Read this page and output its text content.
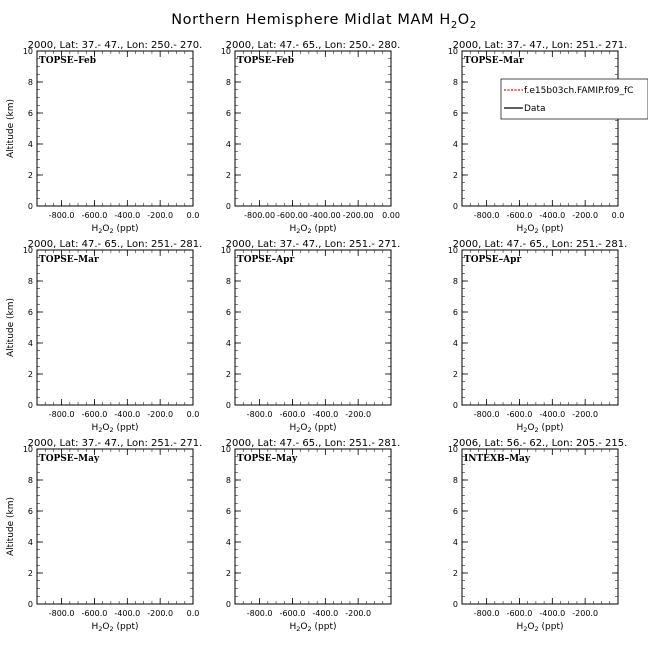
Northern Hemisphere Midlat MAM $H_2O_2$
2000, Lat: 37.- 47., Lon: 250.- 270.
TOPSE–Feb
0
2
4
6
8
10
-800.0 -600.0 -400.0 -200.0 0.0
$H_2O_2$ (ppt)
Altitude (km)
2000, Lat: 47.- 65., Lon: 250.- 280.
TOPSE–Feb
0
2
4
6
8
10
-800.00 -600.00 -400.00 -200.00 0.00
$H_2O_2$ (ppt)
2000, Lat: 37.- 47., Lon: 251.- 271.
TOPSE–Mar
0
2
4
6
8
10
-800.0 -600.0 -400.0 -200.0 0.0
$H_2O_2$ (ppt)
f.e15b03ch.FAMIP.f09_fC
Data
2000, Lat: 47.- 65., Lon: 251.- 281.
TOPSE–Mar
0
2
4
6
8
10
-800.0 -600.0 -400.0 -200.0 0.0
$H_2O_2$ (ppt)
Altitude (km)
2000, Lat: 37.- 47., Lon: 251.- 271.
TOPSE–Apr
0
2
4
6
8
10
-800.0 -600.0 -400.0 -200.0
$H_2O_2$ (ppt)
2000, Lat: 47.- 65., Lon: 251.- 281.
TOPSE–Apr
0
2
4
6
8
10
-800.0 -600.0 -400.0 -200.0
$H_2O_2$ (ppt)
2000, Lat: 37.- 47., Lon: 251.- 271.
TOPSE–May
0
2
4
6
8
10
-800.0 -600.0 -400.0 -200.0 0.0
$H_2O_2$ (ppt)
Altitude (km)
2000, Lat: 47.- 65., Lon: 251.- 281.
TOPSE–May
0
2
4
6
8
10
-800.0 -600.0 -400.0 -200.0
$H_2O_2$ (ppt)
2006, Lat: 56.- 62., Lon: 205.- 215.
INTEXB–May
0
2
4
6
8
10
-800.0 -600.0 -400.0 -200.0
$H_2O_2$ (ppt)
